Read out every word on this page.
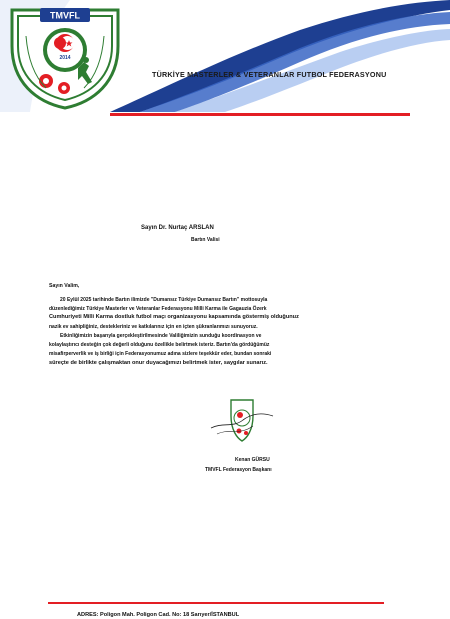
TMVFL
2014
TÜRKİYE MASTERLER & VETERANLAR FUTBOL FEDERASYONU
Sayın Dr. Nurtaç ARSLAN
Bartın Valisi
Sayın Valim,
20 Eylül 2025 tarihinde Bartın ilimizde "Dumansız Türkiye Dumansız Bartın" mottosuyla
düzenlediğimiz Türkiye Masterler ve Veteranlar Federasyonu Milli Karma ile Gagauzia Özerk
Cumhuriyeti Milli Karma dostluk futbol maçı organizasyonu kapsamında göstermiş olduğunuz
nazik ev sahipliğiniz, destekleriniz ve katkılarınız için en içten şükranlarımızı sunuyoruz.
Etkinliğimizin başarıyla gerçekleştirilmesinde Valiliğimizin sunduğu koordinasyon ve
kolaylaştırıcı desteğin çok değerli olduğunu özellikle belirtmek isteriz. Bartın'da gördüğümüz
misafirperverlik ve iş birliği için Federasyonumuz adına sizlere teşekkür eder, bundan sonraki
süreçte de birlikte çalışmaktan onur duyacağımızı belirtmek ister, saygılar sunarız.
Kenan GÜRSU
TMVFL Federasyon Başkanı
ADRES: Poligon Mah. Poligon Cad. No: 18 Sarıyer/İSTANBUL
